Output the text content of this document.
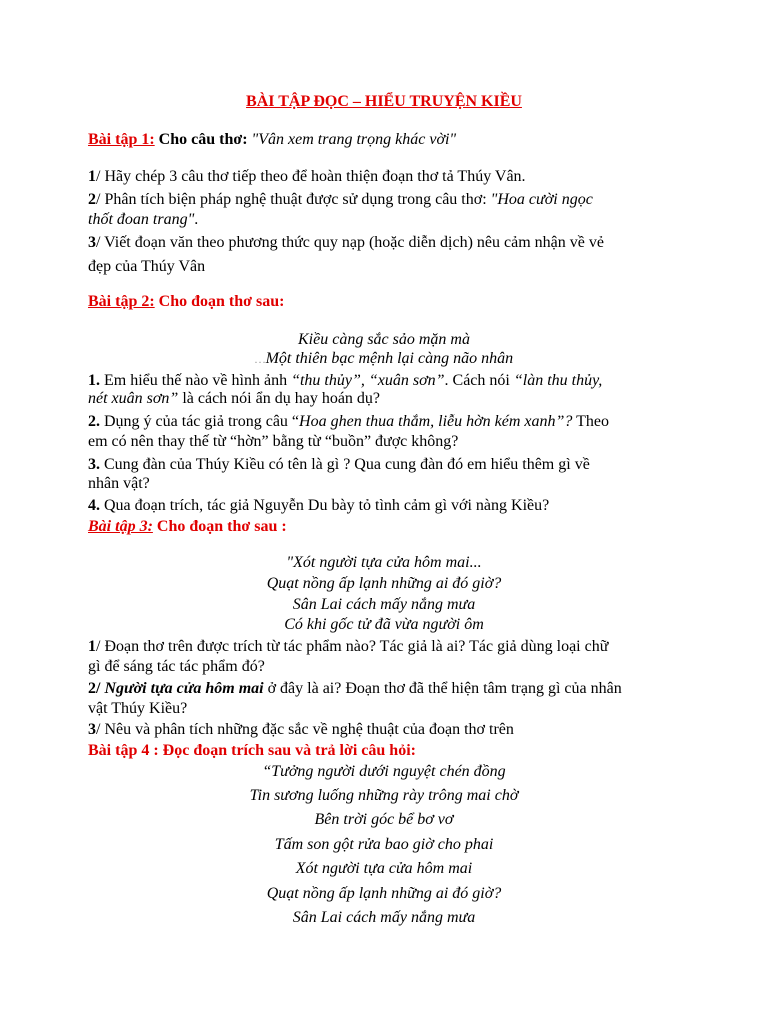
BÀI TẬP ĐỌC – HIỂU TRUYỆN KIỀU
Bài tập 1: Cho câu thơ: "Vân xem trang trọng khác vời"
1/ Hãy chép 3 câu thơ tiếp theo để hoàn thiện đoạn thơ tả Thúy Vân.
2/ Phân tích biện pháp nghệ thuật được sử dụng trong câu thơ: "Hoa cười ngọc
thốt đoan trang".
3/ Viết đoạn văn theo phương thức quy nạp (hoặc diễn dịch) nêu cảm nhận về vẻ
đẹp của Thúy Vân
Bài tập 2: Cho đoạn thơ sau:
Kiều càng sắc sảo mặn mà
…Một thiên bạc mệnh lại càng não nhân
1. Em hiểu thế nào về hình ảnh “thu thủy”, “xuân sơn”. Cách nói “làn thu thủy,
nét xuân sơn” là cách nói ẩn dụ hay hoán dụ?
2. Dụng ý của tác giả trong câu “Hoa ghen thua thắm, liễu hờn kém xanh”? Theo
em có nên thay thế từ “hờn” bằng từ “buồn” được không?
3. Cung đàn của Thúy Kiều có tên là gì ? Qua cung đàn đó em hiểu thêm gì về
nhân vật?
4. Qua đoạn trích, tác giả Nguyễn Du bày tỏ tình cảm gì với nàng Kiều?
Bài tập 3: Cho đoạn thơ sau :
"Xót người tựa cửa hôm mai...
Quạt nồng ấp lạnh những ai đó giờ?
Sân Lai cách mấy nắng mưa
Có khi gốc tử đã vừa người ôm
1/ Đoạn thơ trên được trích từ tác phẩm nào? Tác giả là ai? Tác giả dùng loại chữ
gì để sáng tác tác phẩm đó?
2/ Người tựa cửa hôm mai ở đây là ai? Đoạn thơ đã thể hiện tâm trạng gì của nhân
vật Thúy Kiều?
3/ Nêu và phân tích những đặc sắc về nghệ thuật của đoạn thơ trên
Bài tập 4 : Đọc đoạn trích sau và trả lời câu hỏi:
“Tưởng người dưới nguyệt chén đồng
Tin sương luống những rày trông mai chờ
Bên trời góc bể bơ vơ
Tấm son gột rửa bao giờ cho phai
Xót người tựa cửa hôm mai
Quạt nồng ấp lạnh những ai đó giờ?
Sân Lai cách mấy nắng mưa
